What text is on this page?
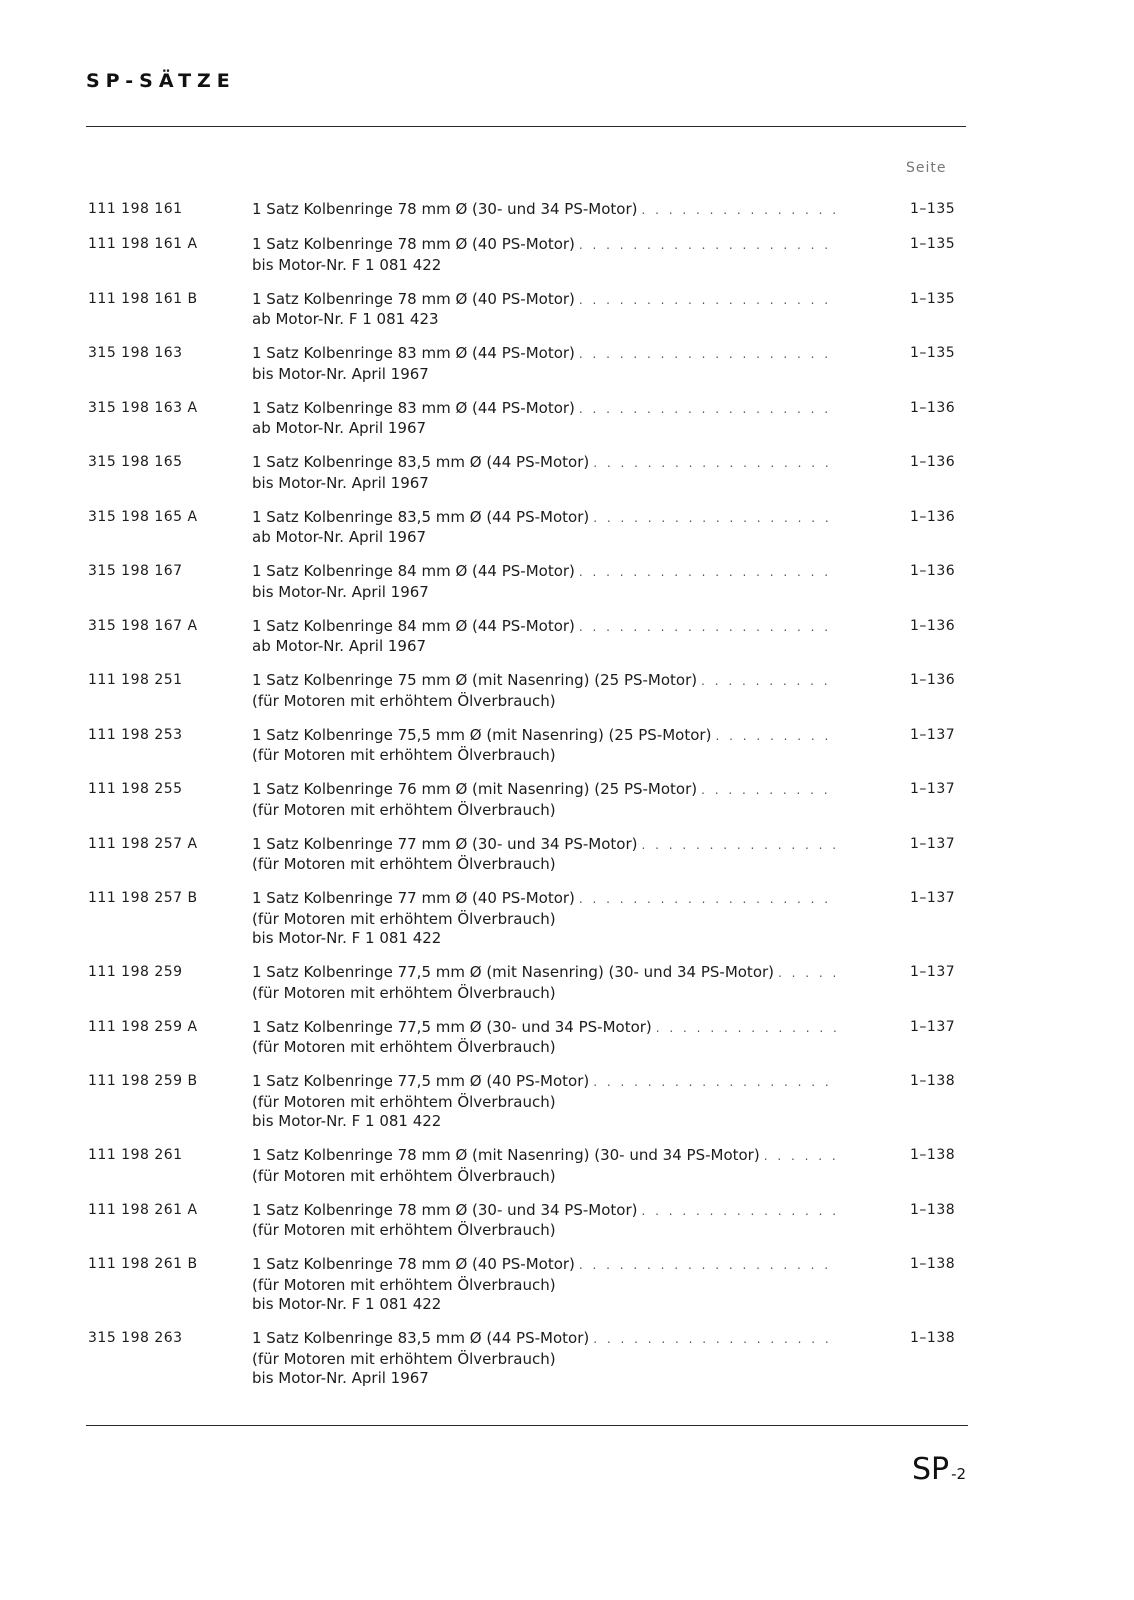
SP-SÄTZE
Seite
111 198 161	1 Satz Kolbenringe 78 mm Ø (30- und 34 PS-Motor)
. . .	1–135
111 198 161 A	1 Satz Kolbenringe 78 mm Ø (40 PS-Motor)
. . .
bis Motor-Nr. F 1 081 422
1–135
111 198 161 B	1 Satz Kolbenringe 78 mm Ø (40 PS-Motor)
. . .
ab Motor-Nr. F 1 081 423
1–135
315 198 163	1 Satz Kolbenringe 83 mm Ø (44 PS-Motor)
. . .
bis Motor-Nr. April 1967
1–135
315 198 163 A	1 Satz Kolbenringe 83 mm Ø (44 PS-Motor)
. . .
ab Motor-Nr. April 1967
1–136
315 198 165	1 Satz Kolbenringe 83,5 mm Ø (44 PS-Motor)
. . .
bis Motor-Nr. April 1967
1–136
315 198 165 A	1 Satz Kolbenringe 83,5 mm Ø (44 PS-Motor)
. . .
ab Motor-Nr. April 1967
1–136
315 198 167	1 Satz Kolbenringe 84 mm Ø (44 PS-Motor)
. . .
bis Motor-Nr. April 1967
1–136
315 198 167 A	1 Satz Kolbenringe 84 mm Ø (44 PS-Motor)
. . .
ab Motor-Nr. April 1967
1–136
111 198 251	1 Satz Kolbenringe 75 mm Ø (mit Nasenring) (25 PS-Motor)
. . .
(für Motoren mit erhöhtem Ölverbrauch)
1–136
111 198 253	1 Satz Kolbenringe 75,5 mm Ø (mit Nasenring) (25 PS-Motor)
. . .
(für Motoren mit erhöhtem Ölverbrauch)
1–137
111 198 255	1 Satz Kolbenringe 76 mm Ø (mit Nasenring) (25 PS-Motor)
. . .
(für Motoren mit erhöhtem Ölverbrauch)
1–137
111 198 257 A	1 Satz Kolbenringe 77 mm Ø (30- und 34 PS-Motor)
. . .
(für Motoren mit erhöhtem Ölverbrauch)
1–137
111 198 257 B	1 Satz Kolbenringe 77 mm Ø (40 PS-Motor)
. . .
(für Motoren mit erhöhtem Ölverbrauch)
bis Motor-Nr. F 1 081 422
1–137
111 198 259	1 Satz Kolbenringe 77,5 mm Ø (mit Nasenring) (30- und 34 PS-Motor)
. . .
(für Motoren mit erhöhtem Ölverbrauch)
1–137
111 198 259 A	1 Satz Kolbenringe 77,5 mm Ø (30- und 34 PS-Motor)
. . .
(für Motoren mit erhöhtem Ölverbrauch)
1–137
111 198 259 B	1 Satz Kolbenringe 77,5 mm Ø (40 PS-Motor)
. . .
(für Motoren mit erhöhtem Ölverbrauch)
bis Motor-Nr. F 1 081 422
1–138
111 198 261	1 Satz Kolbenringe 78 mm Ø (mit Nasenring) (30- und 34 PS-Motor)
. . .
(für Motoren mit erhöhtem Ölverbrauch)
1–138
111 198 261 A	1 Satz Kolbenringe 78 mm Ø (30- und 34 PS-Motor)
. . .
(für Motoren mit erhöhtem Ölverbrauch)
1–138
111 198 261 B	1 Satz Kolbenringe 78 mm Ø (40 PS-Motor)
. . .
(für Motoren mit erhöhtem Ölverbrauch)
bis Motor-Nr. F 1 081 422
1–138
315 198 263	1 Satz Kolbenringe 83,5 mm Ø (44 PS-Motor)
. . .
(für Motoren mit erhöhtem Ölverbrauch)
bis Motor-Nr. April 1967
1–138
SP -2
